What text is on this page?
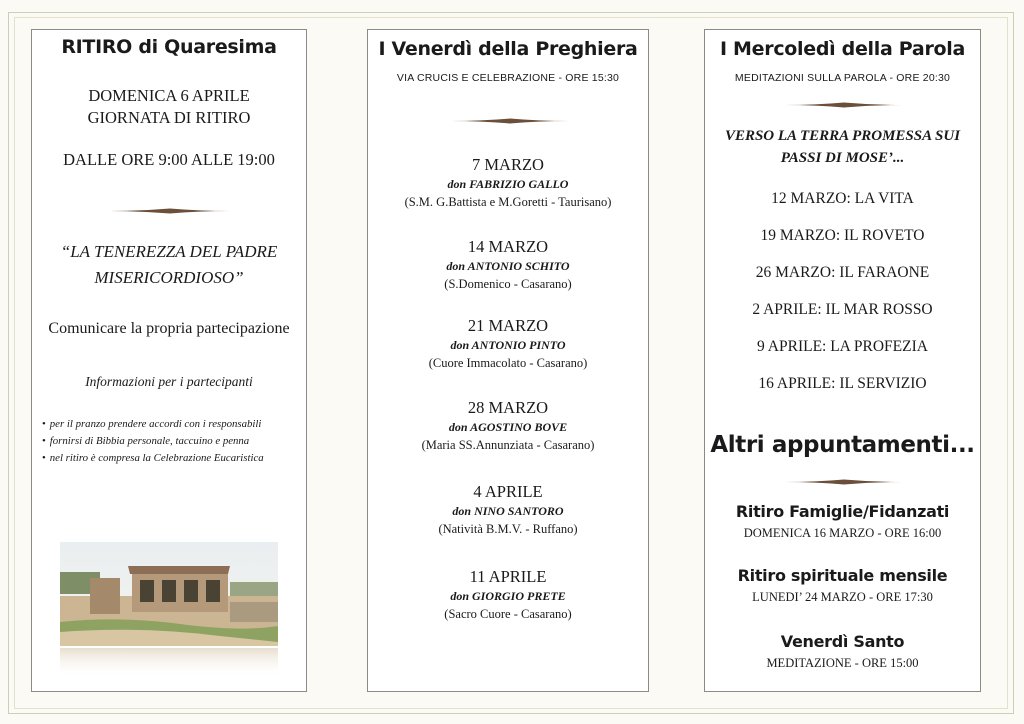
RITIRO di Quaresima
DOMENICA 6 APRILE
GIORNATA DI RITIRO
DALLE ORE 9:00 ALLE 19:00
“LA TENEREZZA DEL PADRE
MISERICORDIOSO”
Comunicare la propria partecipazione
Informazioni per i partecipanti
• per il pranzo prendere accordi con i responsabili
• fornirsi di Bibbia personale, taccuino e penna
• nel ritiro è compresa la Celebrazione Eucaristica
I Venerdì della Preghiera
VIA CRUCIS E CELEBRAZIONE - ORE 15:30
7 MARZO
don FABRIZIO GALLO
(S.M. G.Battista e M.Goretti - Taurisano)
14 MARZO
don ANTONIO SCHITO
(S.Domenico - Casarano)
21 MARZO
don ANTONIO PINTO
(Cuore Immacolato - Casarano)
28 MARZO
don AGOSTINO BOVE
(Maria SS.Annunziata - Casarano)
4 APRILE
don NINO SANTORO
(Natività B.M.V. - Ruffano)
11 APRILE
don GIORGIO PRETE
(Sacro Cuore - Casarano)
I Mercoledì della Parola
MEDITAZIONI SULLA PAROLA - ORE 20:30
VERSO LA TERRA PROMESSA SUI
PASSI DI MOSE’...
12 MARZO: LA VITA
19 MARZO: IL ROVETO
26 MARZO: IL FARAONE
2 APRILE: IL MAR ROSSO
9 APRILE: LA PROFEZIA
16 APRILE: IL SERVIZIO
Altri appuntamenti...
Ritiro Famiglie/Fidanzati
DOMENICA 16 MARZO - ORE 16:00
Ritiro spirituale mensile
LUNEDI’ 24 MARZO - ORE 17:30
Venerdì Santo
MEDITAZIONE - ORE 15:00
